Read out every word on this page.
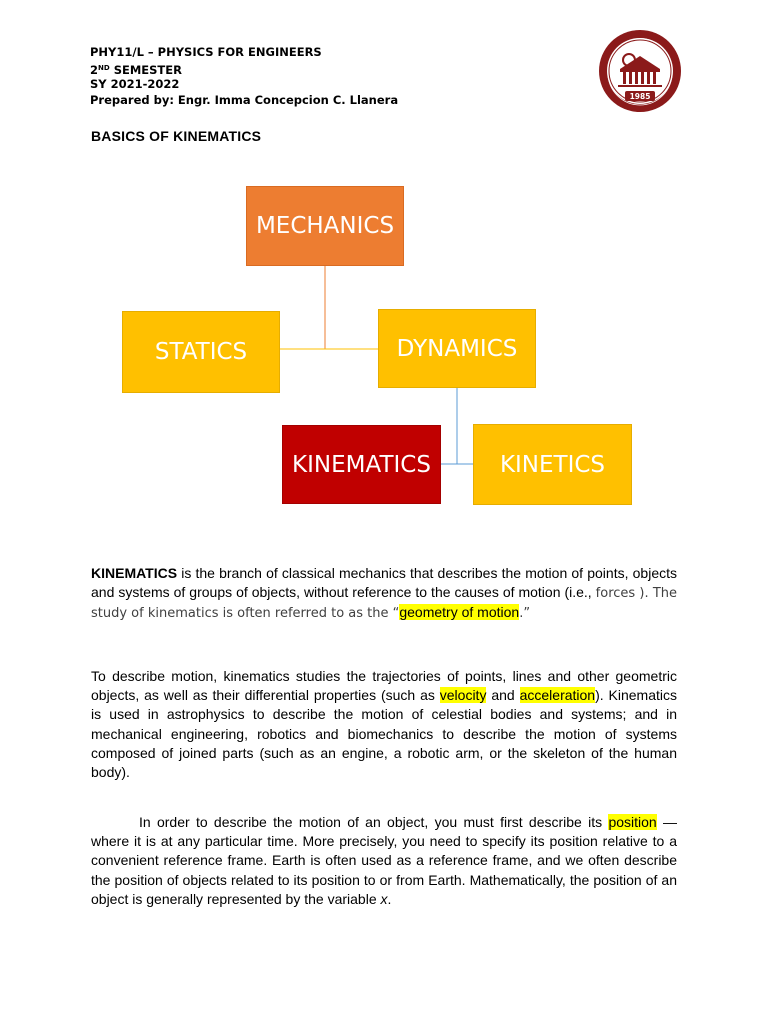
PHY11/L – PHYSICS FOR ENGINEERS
2ND SEMESTER
SY 2021-2022
Prepared by: Engr. Imma Concepcion C. Llanera	1985
BASICS OF KINEMATICS
MECHANICS
STATICS	DYNAMICS
KINEMATICS	KINETICS
KINEMATICS is the branch of classical mechanics that describes the motion of points, objects and systems of groups of objects, without reference to the causes of motion (i.e., forces ). The study of kinematics is often referred to as the “geometry of motion.”
To describe motion, kinematics studies the trajectories of points, lines and other geometric objects, as well as their differential properties (such as velocity and acceleration). Kinematics is used in astrophysics to describe the motion of celestial bodies and systems; and in mechanical engineering, robotics and biomechanics to describe the motion of systems composed of joined parts (such as an engine, a robotic arm, or the skeleton of the human body).
In order to describe the motion of an object, you must first describe its position — where it is at any particular time. More precisely, you need to specify its position relative to a convenient reference frame. Earth is often used as a reference frame, and we often describe the position of objects related to its position to or from Earth. Mathematically, the position of an object is generally represented by the variable x.
